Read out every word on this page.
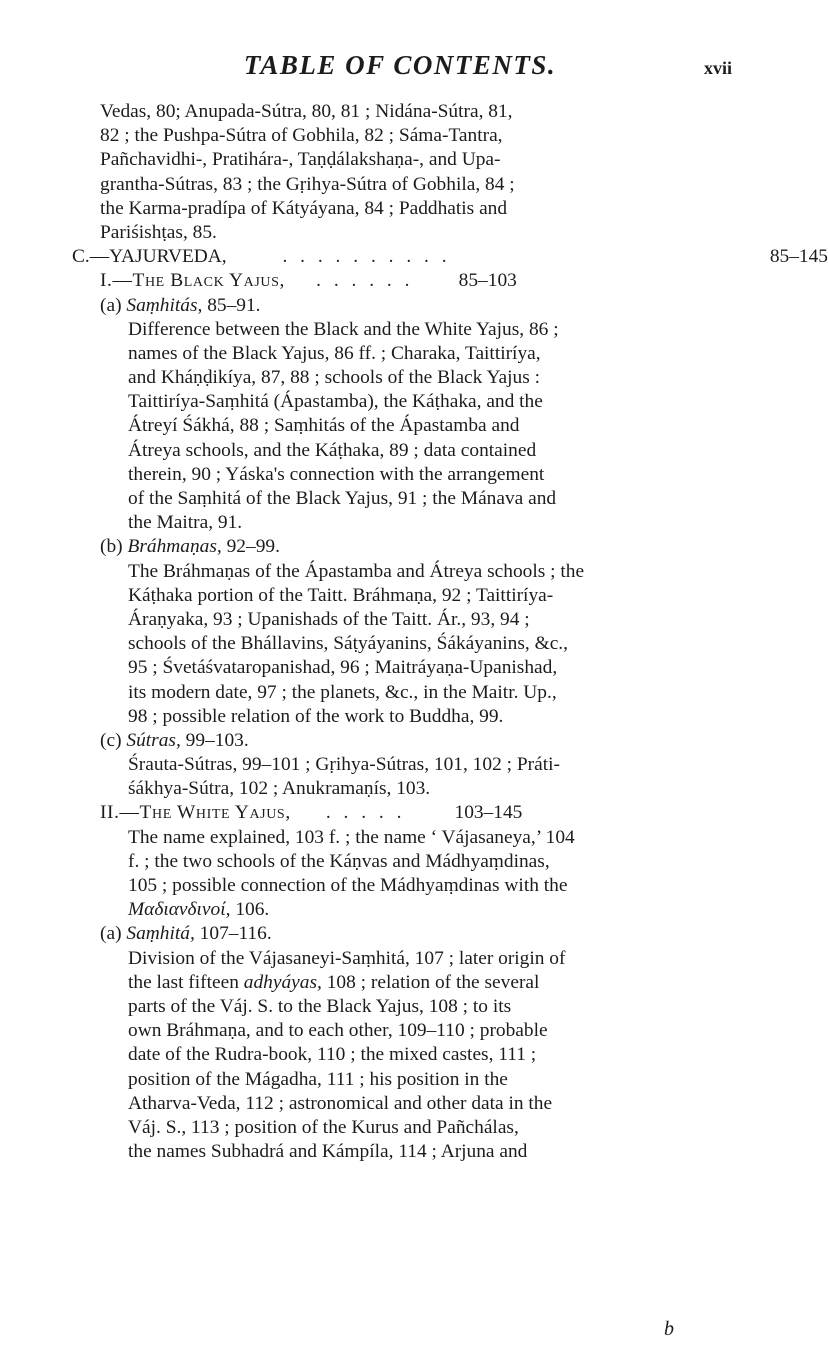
TABLE OF CONTENTS.	xvii
Vedas, 80; Anupada-Sútra, 80, 81 ; Nidána-Sútra, 81,
82 ; the Pushpa-Sútra of Gobhila, 82 ; Sáma-Tantra,
Pañchavidhi-, Pratihára-, Taṇḍálakshaṇa-, and Upa-
grantha-Sútras, 83 ; the Gṛihya-Sútra of Gobhila, 84 ;
the Karma-pradípa of Kátyáyana, 84 ; Paddhatis and
Pariśishṭas, 85.
C.—YAJURVEDA,	. . . . . . . . . .	85–145
I.—The Black Yajus, . . . . . . 85–103
(a) Saṃhitás, 85–91.
Difference between the Black and the White Yajus, 86 ;
names of the Black Yajus, 86 ff. ; Charaka, Taittiríya,
and Kháṇḍikíya, 87, 88 ; schools of the Black Yajus :
Taittiríya-Saṃhitá (Ápastamba), the Káṭhaka, and the
Átreyí Śákhá, 88 ; Saṃhitás of the Ápastamba and
Átreya schools, and the Káṭhaka, 89 ; data contained
therein, 90 ; Yáska's connection with the arrangement
of the Saṃhitá of the Black Yajus, 91 ; the Mánava and
the Maitra, 91.
(b) Bráhmaṇas, 92–99.
The Bráhmaṇas of the Ápastamba and Átreya schools ; the
Káṭhaka portion of the Taitt. Bráhmaṇa, 92 ; Taittiríya-
Áraṇyaka, 93 ; Upanishads of the Taitt. Ár., 93, 94 ;
schools of the Bhállavins, Sáṭyáyanins, Śákáyanins, &c.,
95 ; Śvetáśvataropanishad, 96 ; Maitráyaṇa-Upanishad,
its modern date, 97 ; the planets, &c., in the Maitr. Up.,
98 ; possible relation of the work to Buddha, 99.
(c) Sútras, 99–103.
Śrauta-Sútras, 99–101 ; Gṛihya-Sútras, 101, 102 ; Práti-
śákhya-Sútra, 102 ; Anukramaṇís, 103.
II.—The White Yajus, . . . . .	103–145
The name explained, 103 f. ; the name ‘ Vájasaneya,’ 104
f. ; the two schools of the Káṇvas and Mádhyaṃdinas,
105 ; possible connection of the Mádhyaṃdinas with the
Μαδιανδινοί, 106.
(a) Saṃhitá, 107–116.
Division of the Vájasaneyi-Saṃhitá, 107 ; later origin of
the last fifteen adhyáyas, 108 ; relation of the several
parts of the Váj. S. to the Black Yajus, 108 ; to its
own Bráhmaṇa, and to each other, 109–110 ; probable
date of the Rudra-book, 110 ; the mixed castes, 111 ;
position of the Mágadha, 111 ; his position in the
Atharva-Veda, 112 ; astronomical and other data in the
Váj. S., 113 ; position of the Kurus and Pañchálas,
the names Subhadrá and Kámpíla, 114 ; Arjuna and
b
